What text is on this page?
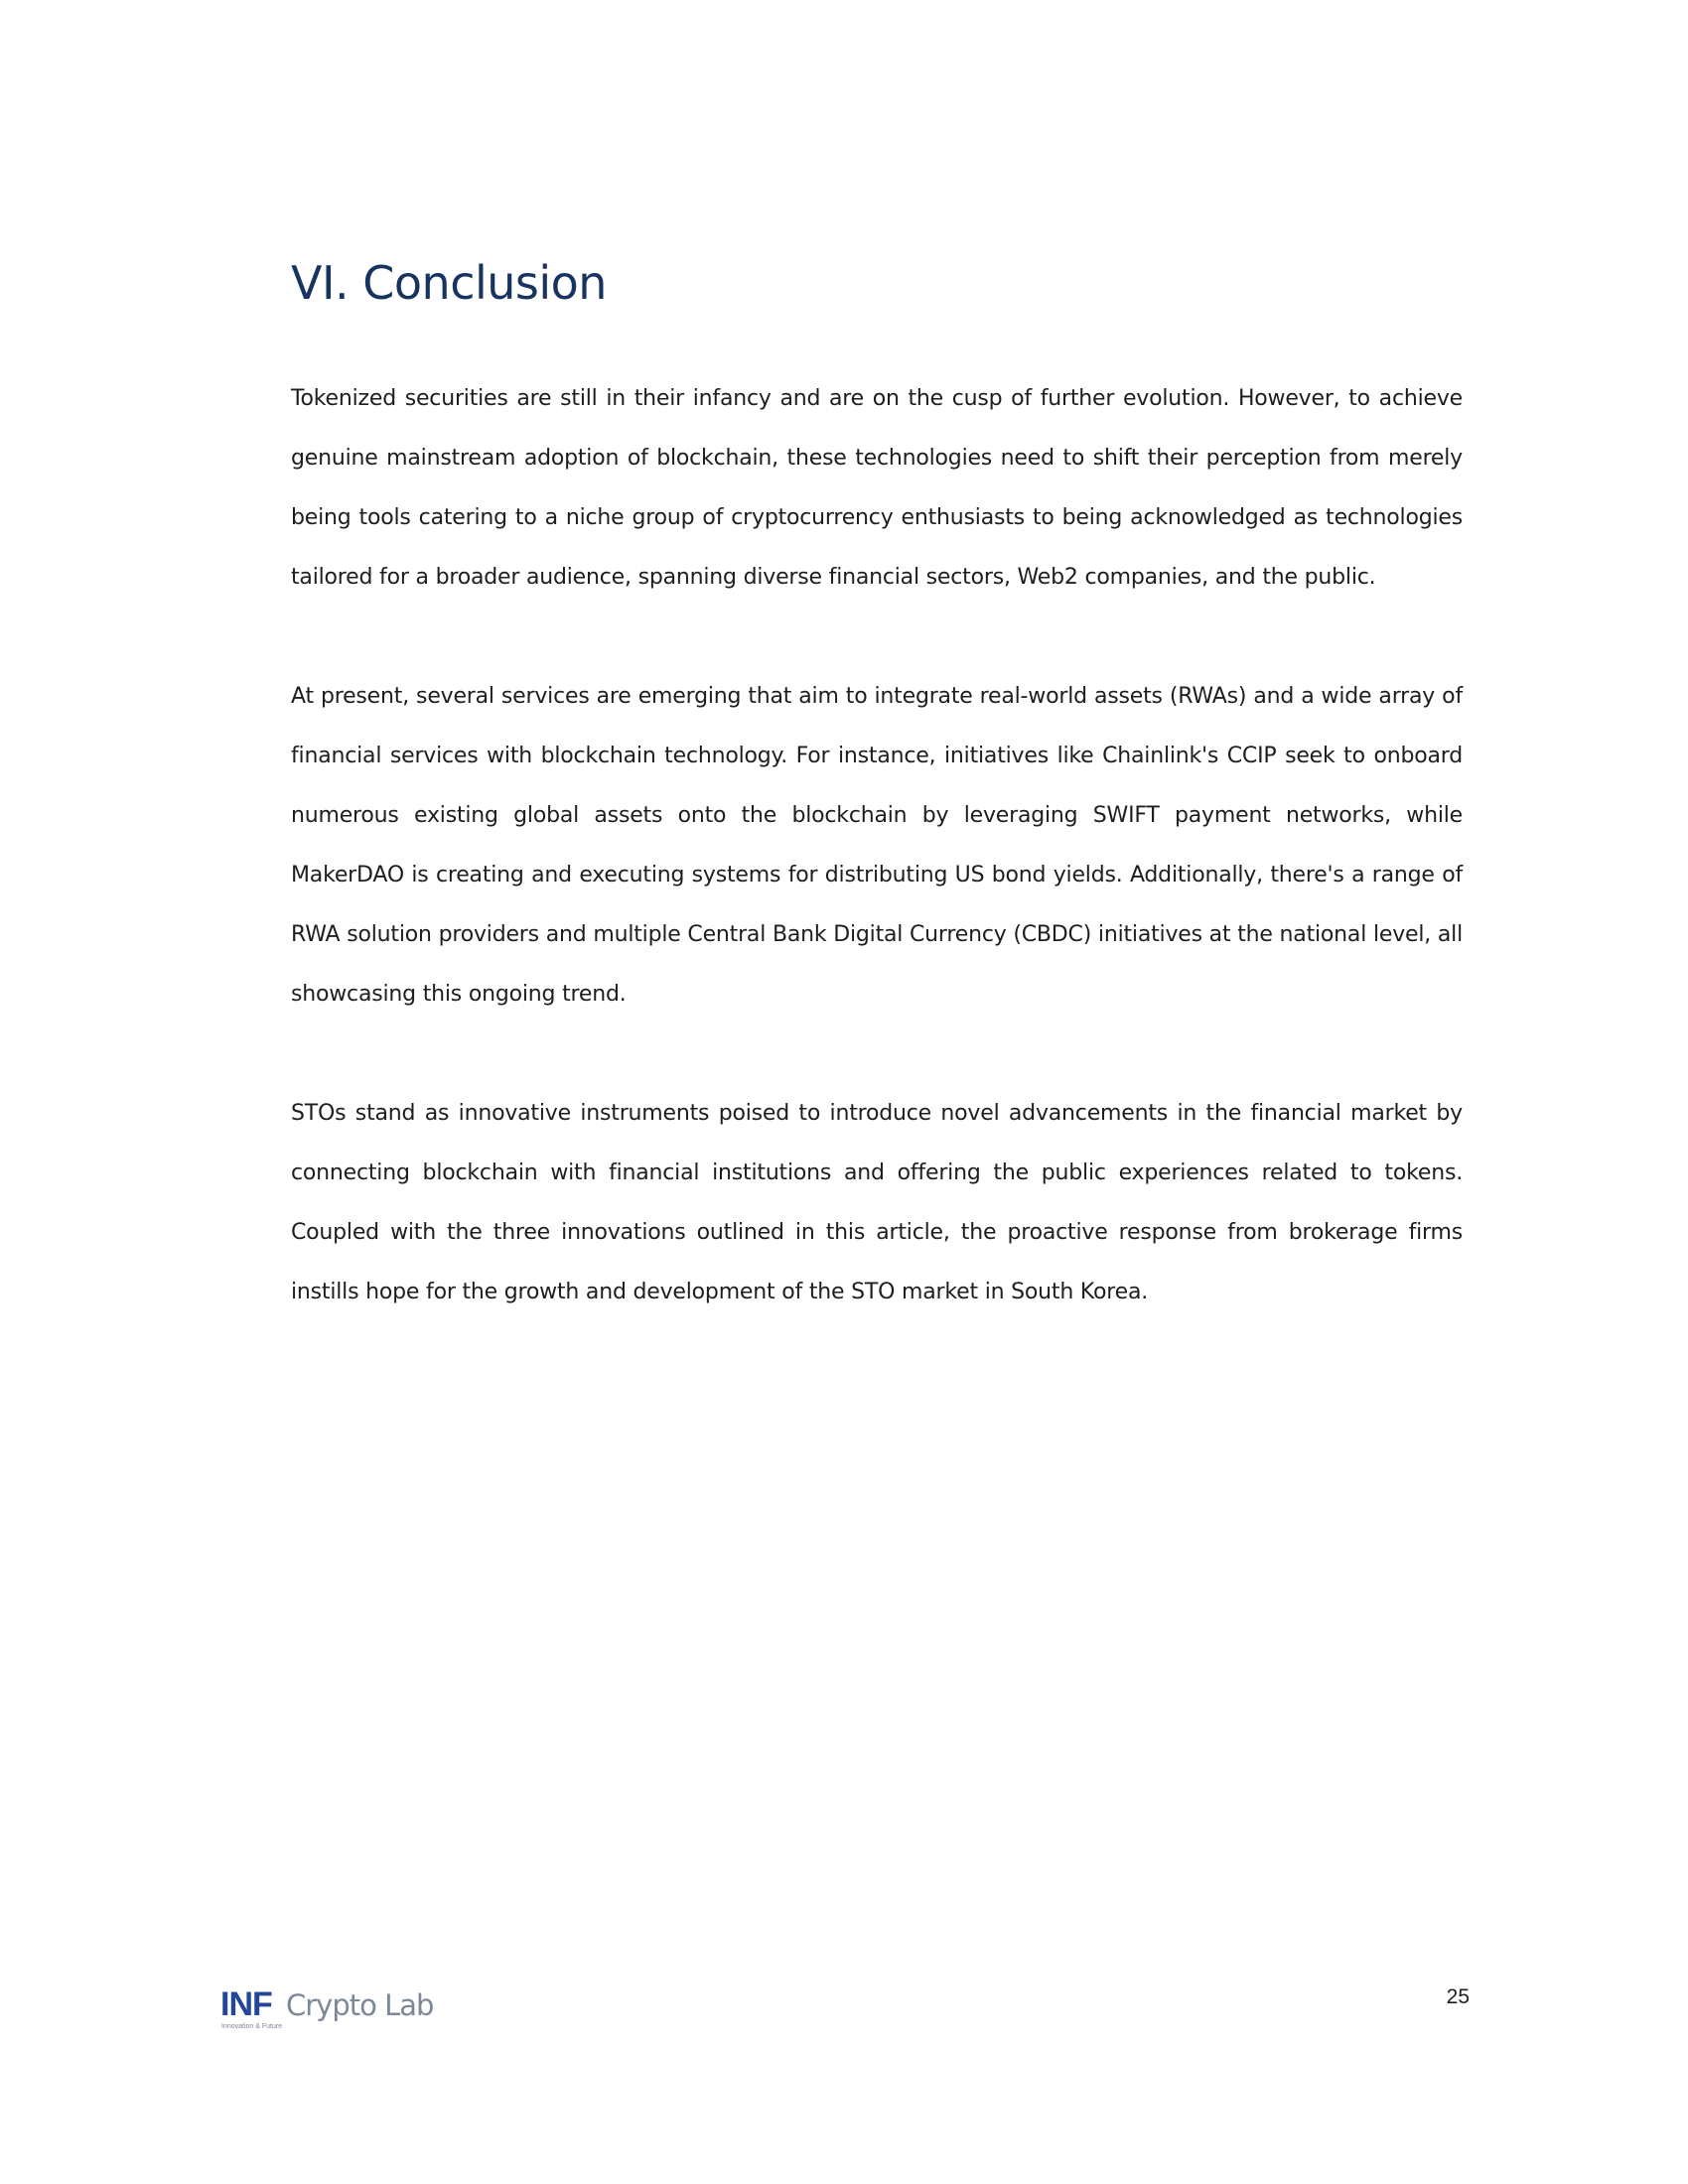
VI. Conclusion

Tokenized securities are still in their infancy and are on the cusp of further evolution. However, to achieve genuine mainstream adoption of blockchain, these technologies need to shift their perception from merely being tools catering to a niche group of cryptocurrency enthusiasts to being acknowledged as technologies tailored for a broader audience, spanning diverse financial sectors, Web2 companies, and the public.

At present, several services are emerging that aim to integrate real-world assets (RWAs) and a wide array of financial services with blockchain technology. For instance, initiatives like Chainlink's CCIP seek to onboard numerous existing global assets onto the blockchain by leveraging SWIFT payment networks, while MakerDAO is creating and executing systems for distributing US bond yields. Additionally, there's a range of RWA solution providers and multiple Central Bank Digital Currency (CBDC) initiatives at the national level, all showcasing this ongoing trend.

STOs stand as innovative instruments poised to introduce novel advancements in the financial market by connecting blockchain with financial institutions and offering the public experiences related to tokens. Coupled with the three innovations outlined in this article, the proactive response from brokerage firms instills hope for the growth and development of the STO market in South Korea.

INF Crypto Lab
Innovation & Future
25
